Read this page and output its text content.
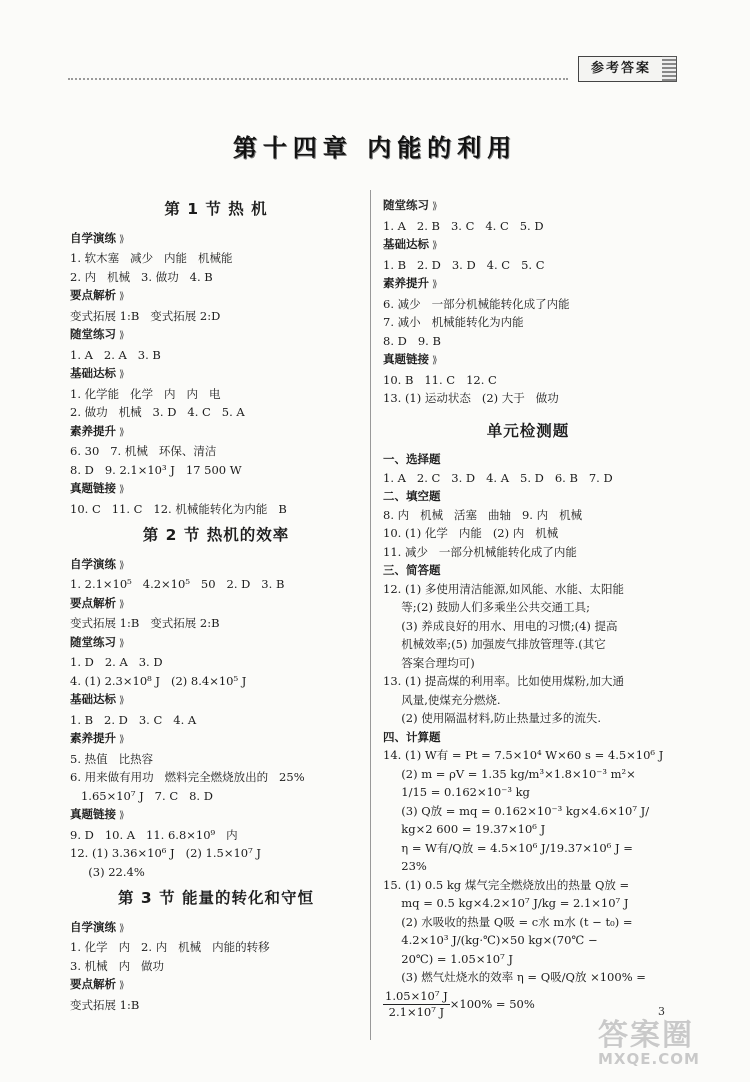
参考答案
第十四章 内能的利用
第 1 节 热 机
自学演练 ⟫
1. 软木塞   减少   内能   机械能
2. 内   机械   3. 做功   4. B
要点解析 ⟫
变式拓展 1:B   变式拓展 2:D
随堂练习 ⟫
1. A   2. A   3. B
基础达标 ⟫
1. 化学能   化学   内   内   电
2. 做功   机械   3. D   4. C   5. A
素养提升 ⟫
6. 30   7. 机械   环保、清洁
8. D   9. 2.1×10³ J   17 500 W
真题链接 ⟫
10. C   11. C   12. 机械能转化为内能   B
第 2 节 热机的效率
自学演练 ⟫
1. 2.1×10⁵   4.2×10⁵   50   2. D   3. B
要点解析 ⟫
变式拓展 1:B   变式拓展 2:B
随堂练习 ⟫
1. D   2. A   3. D
4. (1) 2.3×10⁸ J   (2) 8.4×10⁵ J
基础达标 ⟫
1. B   2. D   3. C   4. A
素养提升 ⟫
5. 热值   比热容
6. 用来做有用功   燃料完全燃烧放出的   25%
1.65×10⁷ J   7. C   8. D
真题链接 ⟫
9. D   10. A   11. 6.8×10⁹   内
12. (1) 3.36×10⁶ J   (2) 1.5×10⁷ J
(3) 22.4%
第 3 节 能量的转化和守恒
自学演练 ⟫
1. 化学   内   2. 内   机械   内能的转移
3. 机械   内   做功
要点解析 ⟫
变式拓展 1:B
随堂练习 ⟫
1. A   2. B   3. C   4. C   5. D
基础达标 ⟫
1. B   2. D   3. D   4. C   5. C
素养提升 ⟫
6. 减少   一部分机械能转化成了内能
7. 减小   机械能转化为内能
8. D   9. B
真题链接 ⟫
10. B   11. C   12. C
13. (1) 运动状态   (2) 大于   做功
单元检测题
一、选择题
1. A   2. C   3. D   4. A   5. D   6. B   7. D
二、填空题
8. 内   机械   活塞   曲轴   9. 内   机械
10. (1) 化学   内能   (2) 内   机械
11. 减少   一部分机械能转化成了内能
三、简答题
12. (1) 多使用清洁能源,如风能、水能、太阳能
等;(2) 鼓励人们多乘坐公共交通工具;
(3) 养成良好的用水、用电的习惯;(4) 提高
机械效率;(5) 加强废气排放管理等.(其它
答案合理均可)
13. (1) 提高煤的利用率。比如使用煤粉,加大通
风量,使煤充分燃烧.
(2) 使用隔温材料,防止热量过多的流失.
四、计算题
14. (1) W有 = Pt = 7.5×10⁴ W×60 s = 4.5×10⁶ J
(2) m = ρV = 1.35 kg/m³×1.8×10⁻³ m²×
1/15 = 0.162×10⁻³ kg
(3) Q放 = mq = 0.162×10⁻³ kg×4.6×10⁷ J/
kg×2 600 = 19.37×10⁶ J
η = W有/Q放 = 4.5×10⁶ J/19.37×10⁶ J =
23%
15. (1) 0.5 kg 煤气完全燃烧放出的热量 Q放 =
mq = 0.5 kg×4.2×10⁷ J/kg = 2.1×10⁷ J
(2) 水吸收的热量 Q吸 = c水 m水 (t − t₀) =
4.2×10³ J/(kg·℃)×50 kg×(70℃ −
20℃) = 1.05×10⁷ J
(3) 燃气灶烧水的效率 η = Q吸/Q放 ×100% =
$\frac{\text{1.05×10⁷ J}}{\text{2.1×10⁷ J}} \times 100\% = 50\%$
3
答案圈
MXQE.COM
